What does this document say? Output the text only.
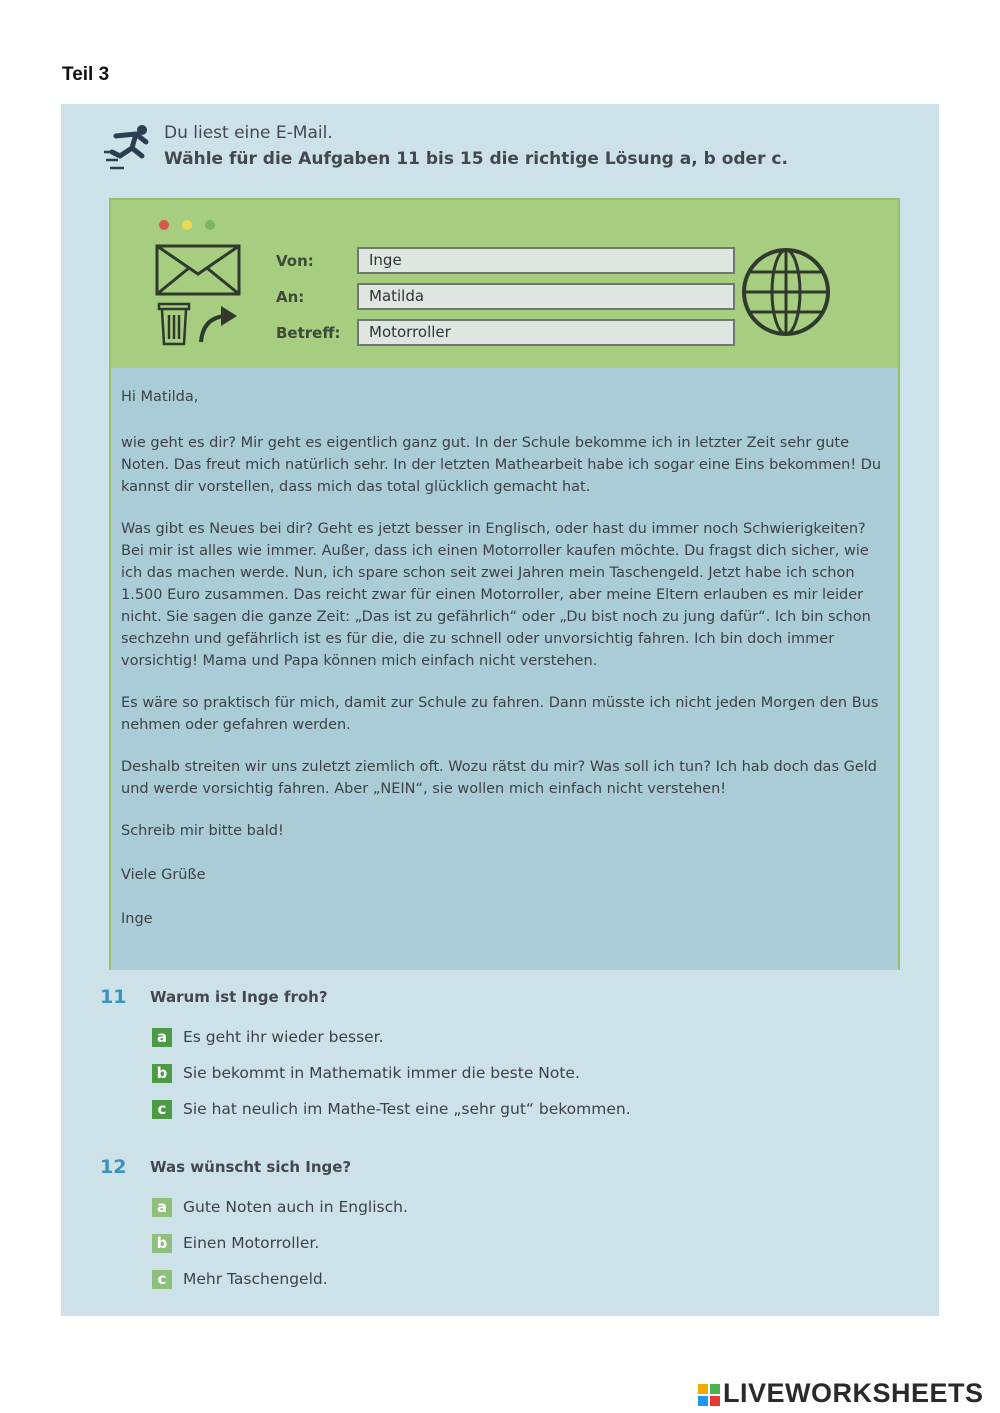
Teil 3
Du liest eine E-Mail.
Wähle für die Aufgaben 11 bis 15 die richtige Lösung a, b oder c.
Von:	Inge
An:	Matilda
Betreff:	Motorroller

Hi Matilda,

wie geht es dir? Mir geht es eigentlich ganz gut. In der Schule bekomme ich in letzter Zeit sehr gute Noten. Das freut mich natürlich sehr. In der letzten Mathearbeit habe ich sogar eine Eins bekommen! Du kannst dir vorstellen, dass mich das total glücklich gemacht hat.

Was gibt es Neues bei dir? Geht es jetzt besser in Englisch, oder hast du immer noch Schwierigkeiten? Bei mir ist alles wie immer. Außer, dass ich einen Motorroller kaufen möchte. Du fragst dich sicher, wie ich das machen werde. Nun, ich spare schon seit zwei Jahren mein Taschengeld. Jetzt habe ich schon 1.500 Euro zusammen. Das reicht zwar für einen Motorroller, aber meine Eltern erlauben es mir leider nicht. Sie sagen die ganze Zeit: „Das ist zu gefährlich“ oder „Du bist noch zu jung dafür“. Ich bin schon sechzehn und gefährlich ist es für die, die zu schnell oder unvorsichtig fahren. Ich bin doch immer vorsichtig! Mama und Papa können mich einfach nicht verstehen.

Es wäre so praktisch für mich, damit zur Schule zu fahren. Dann müsste ich nicht jeden Morgen den Bus nehmen oder gefahren werden.

Deshalb streiten wir uns zuletzt ziemlich oft. Wozu rätst du mir? Was soll ich tun? Ich hab doch das Geld und werde vorsichtig fahren. Aber „NEIN“, sie wollen mich einfach nicht verstehen!

Schreib mir bitte bald!

Viele Grüße

Inge

11 Warum ist Inge froh?
a Es geht ihr wieder besser.
b Sie bekommt in Mathematik immer die beste Note.
c Sie hat neulich im Mathe-Test eine „sehr gut“ bekommen.
12 Was wünscht sich Inge?
a Gute Noten auch in Englisch.
b Einen Motorroller.
c Mehr Taschengeld.
LIVEWORKSHEETS
